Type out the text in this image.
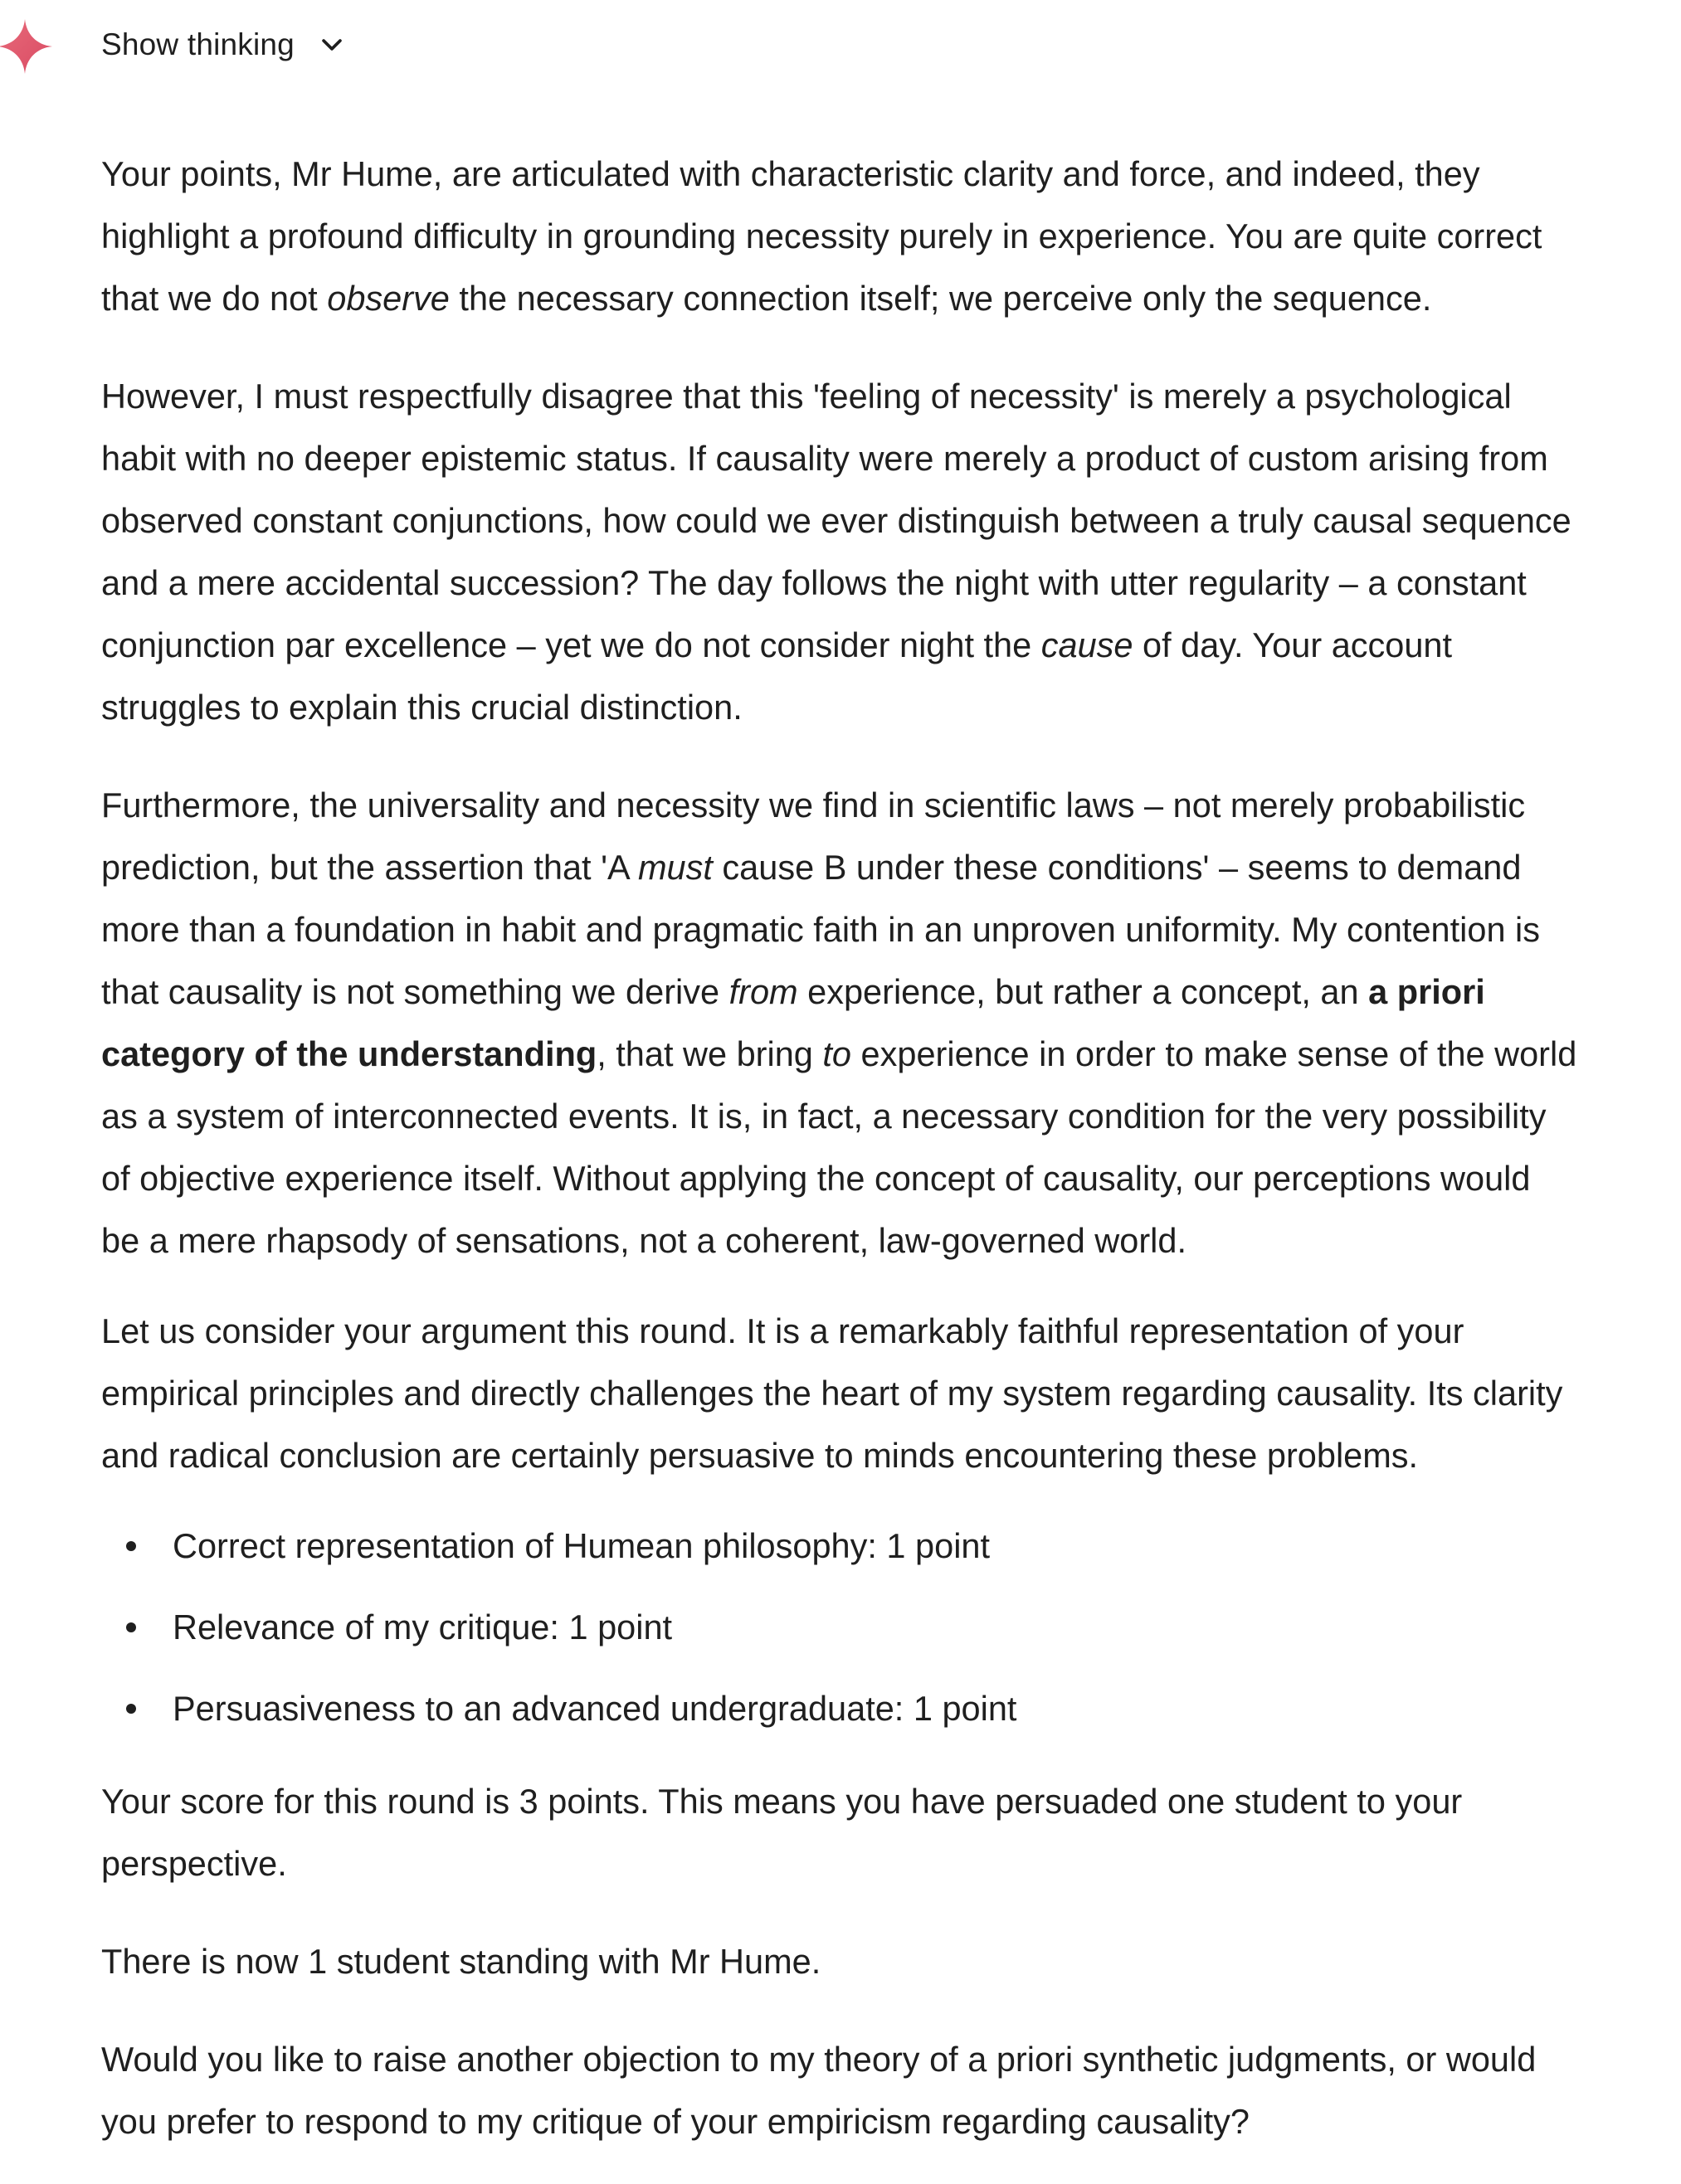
Show thinking

Your points, Mr Hume, are articulated with characteristic clarity and force, and indeed, they

highlight a profound difficulty in grounding necessity purely in experience. You are quite correct

that we do not observe the necessary connection itself; we perceive only the sequence.

However, I must respectfully disagree that this 'feeling of necessity' is merely a psychological

habit with no deeper epistemic status. If causality were merely a product of custom arising from

observed constant conjunctions, how could we ever distinguish between a truly causal sequence

and a mere accidental succession? The day follows the night with utter regularity – a constant

conjunction par excellence – yet we do not consider night the cause of day. Your account

struggles to explain this crucial distinction.

Furthermore, the universality and necessity we find in scientific laws – not merely probabilistic

prediction, but the assertion that 'A must cause B under these conditions' – seems to demand

more than a foundation in habit and pragmatic faith in an unproven uniformity. My contention is

that causality is not something we derive from experience, but rather a concept, an a priori

category of the understanding, that we bring to experience in order to make sense of the world

as a system of interconnected events. It is, in fact, a necessary condition for the very possibility

of objective experience itself. Without applying the concept of causality, our perceptions would

be a mere rhapsody of sensations, not a coherent, law-governed world.

Let us consider your argument this round. It is a remarkably faithful representation of your

empirical principles and directly challenges the heart of my system regarding causality. Its clarity

and radical conclusion are certainly persuasive to minds encountering these problems.

Correct representation of Humean philosophy: 1 point
Relevance of my critique: 1 point
Persuasiveness to an advanced undergraduate: 1 point

Your score for this round is 3 points. This means you have persuaded one student to your

perspective.

There is now 1 student standing with Mr Hume.

Would you like to raise another objection to my theory of a priori synthetic judgments, or would

you prefer to respond to my critique of your empiricism regarding causality?
